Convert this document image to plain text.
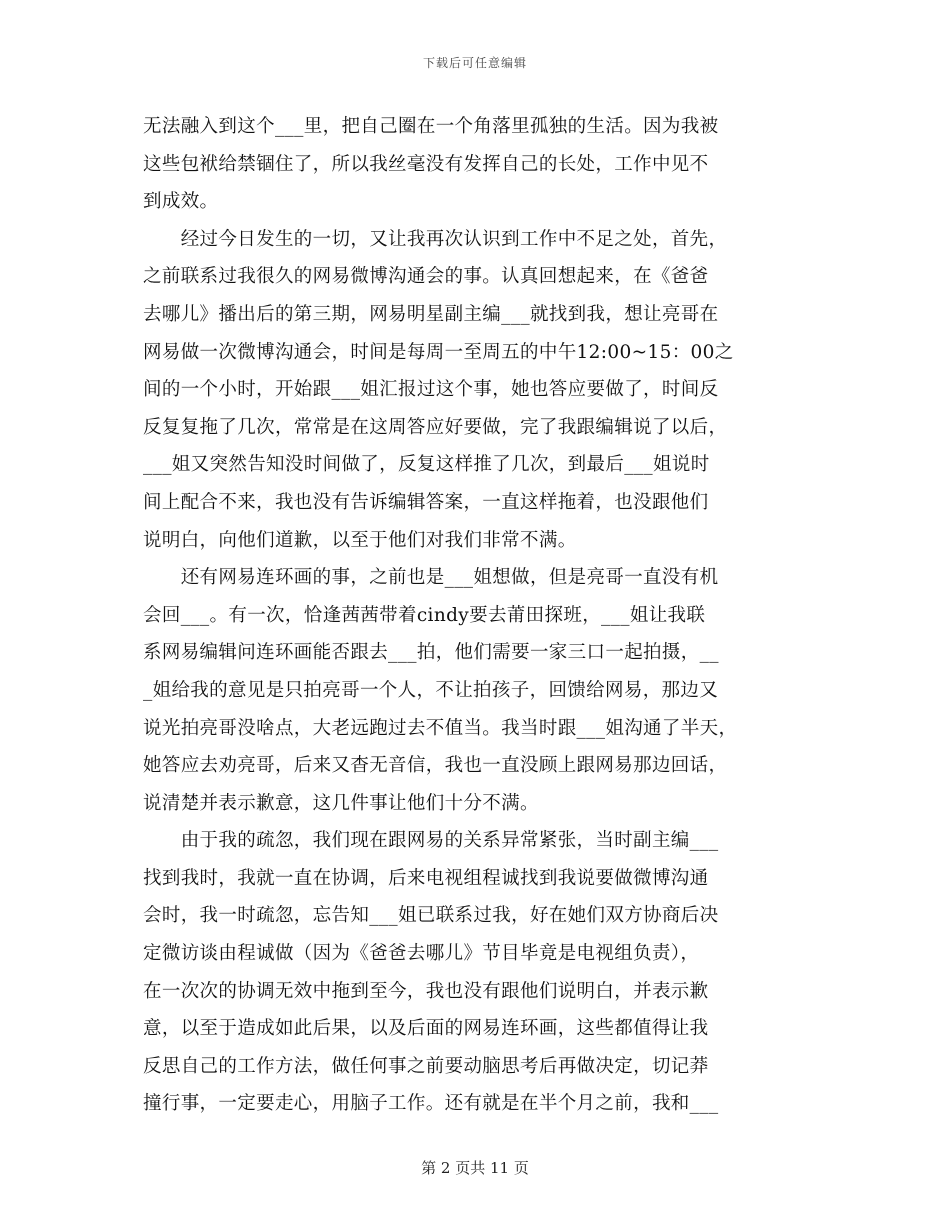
下载后可任意编辑
无法融入到这个___里，把自己圈在一个角落里孤独的生活。因为我被
这些包袱给禁锢住了，所以我丝毫没有发挥自己的长处，工作中见不
到成效。
　　经过今日发生的一切，又让我再次认识到工作中不足之处，首先，
之前联系过我很久的网易微博沟通会的事。认真回想起来，在《爸爸
去哪儿》播出后的第三期，网易明星副主编___就找到我，想让亮哥在
网易做一次微博沟通会，时间是每周一至周五的中午12:00~15：00之
间的一个小时，开始跟___姐汇报过这个事，她也答应要做了，时间反
反复复拖了几次，常常是在这周答应好要做，完了我跟编辑说了以后，
___姐又突然告知没时间做了，反复这样推了几次，到最后___姐说时
间上配合不来，我也没有告诉编辑答案，一直这样拖着，也没跟他们
说明白，向他们道歉，以至于他们对我们非常不满。
　　还有网易连环画的事，之前也是___姐想做，但是亮哥一直没有机
会回___。有一次，恰逢茜茜带着cindy要去莆田探班，___姐让我联
系网易编辑问连环画能否跟去___拍，他们需要一家三口一起拍摄，__
_姐给我的意见是只拍亮哥一个人，不让拍孩子，回馈给网易，那边又
说光拍亮哥没啥点，大老远跑过去不值当。我当时跟___姐沟通了半天，
她答应去劝亮哥，后来又杳无音信，我也一直没顾上跟网易那边回话，
说清楚并表示歉意，这几件事让他们十分不满。
　　由于我的疏忽，我们现在跟网易的关系异常紧张，当时副主编___
找到我时，我就一直在协调，后来电视组程诚找到我说要做微博沟通
会时，我一时疏忽，忘告知___姐已联系过我，好在她们双方协商后决
定微访谈由程诚做（因为《爸爸去哪儿》节目毕竟是电视组负责），
在一次次的协调无效中拖到至今，我也没有跟他们说明白，并表示歉
意，以至于造成如此后果，以及后面的网易连环画，这些都值得让我
反思自己的工作方法，做任何事之前要动脑思考后再做决定，切记莽
撞行事，一定要走心，用脑子工作。还有就是在半个月之前，我和___
第 2 页共 11 页
